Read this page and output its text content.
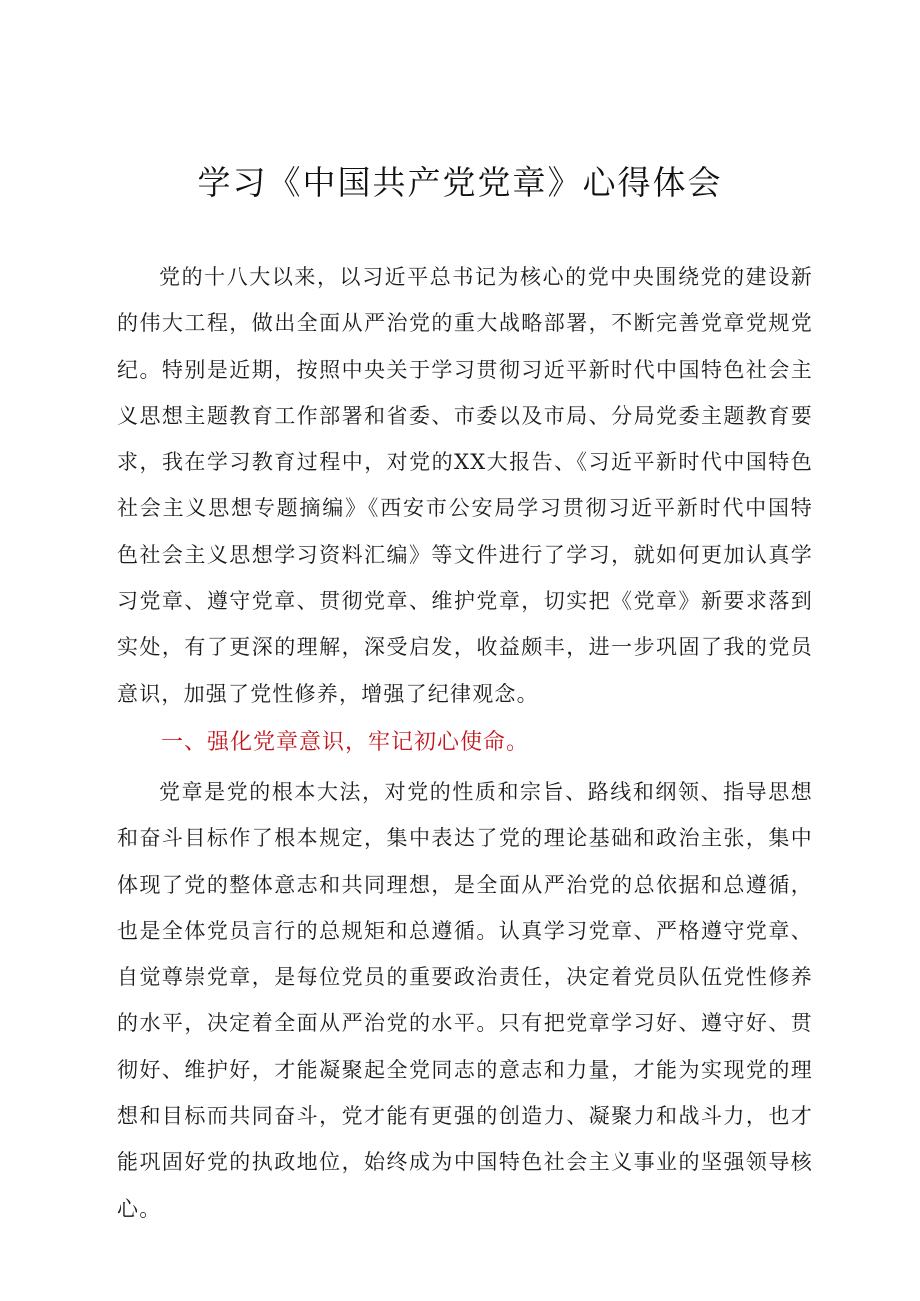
学习《中国共产党党章》心得体会

党的十八大以来，以习近平总书记为核心的党中央围绕党的建设新的伟大工程，做出全面从严治党的重大战略部署，不断完善党章党规党纪。特别是近期，按照中央关于学习贯彻习近平新时代中国特色社会主义思想主题教育工作部署和省委、市委以及市局、分局党委主题教育要求，我在学习教育过程中，对党的XX大报告、《习近平新时代中国特色社会主义思想专题摘编》《西安市公安局学习贯彻习近平新时代中国特色社会主义思想学习资料汇编》等文件进行了学习，就如何更加认真学习党章、遵守党章、贯彻党章、维护党章，切实把《党章》新要求落到实处，有了更深的理解，深受启发，收益颇丰，进一步巩固了我的党员意识，加强了党性修养，增强了纪律观念。

一、强化党章意识，牢记初心使命。

党章是党的根本大法，对党的性质和宗旨、路线和纲领、指导思想和奋斗目标作了根本规定，集中表达了党的理论基础和政治主张，集中体现了党的整体意志和共同理想，是全面从严治党的总依据和总遵循，也是全体党员言行的总规矩和总遵循。认真学习党章、严格遵守党章、自觉尊崇党章，是每位党员的重要政治责任，决定着党员队伍党性修养的水平，决定着全面从严治党的水平。只有把党章学习好、遵守好、贯彻好、维护好，才能凝聚起全党同志的意志和力量，才能为实现党的理想和目标而共同奋斗，党才能有更强的创造力、凝聚力和战斗力，也才能巩固好党的执政地位，始终成为中国特色社会主义事业的坚强领导核心。
